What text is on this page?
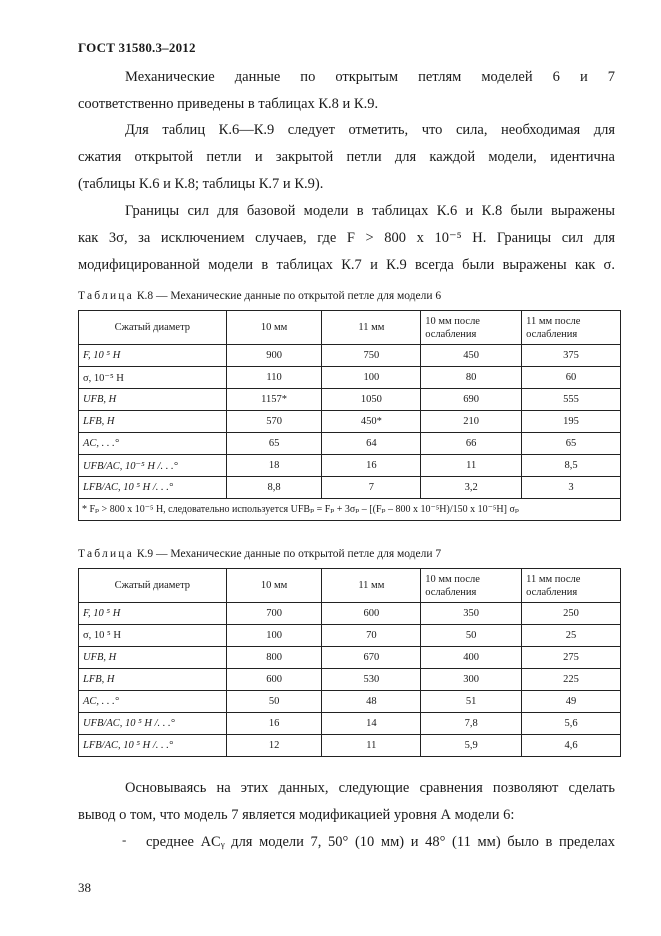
ГОСТ 31580.3–2012
Механические данные по открытым петлям моделей 6 и 7
соответственно приведены в таблицах К.8 и К.9.
Для таблиц К.6—К.9 следует отметить, что сила, необходимая для
сжатия открытой петли и закрытой петли для каждой модели, идентична
(таблицы К.6 и К.8; таблицы К.7 и К.9).
Границы сил для базовой модели в таблицах К.6 и К.8 были выражены
как 3σ, за исключением случаев, где F > 800 x 10⁻⁵ Н. Границы сил для
модифицированной модели в таблицах К.7 и К.9 всегда были выражены как σ.
Таблица К.8 — Механические данные по открытой петле для модели 6
Сжатый диаметр	10 мм	11 мм	10 мм после ослабления	11 мм после ослабления
F, 10 ⁵ Н	900	750	450	375
σ, 10⁻⁵ Н	110	100	80	60
UFB, Н	1157*	1050	690	555
LFB, Н	570	450*	210	195
AC, . . .°	65	64	66	65
UFB/AC, 10⁻⁵ Н /. . .°	18	16	11	8,5
LFB/AC, 10 ⁵ Н /. . .°	8,8	7	3,2	3
* Fₚ > 800 x 10⁻⁵ Н, следовательно используется UFBₚ = Fₚ + 3σₚ – [(Fₚ – 800 x 10⁻⁵Н)/150 x 10⁻⁵Н] σₚ				
Таблица К.9 — Механические данные по открытой петле для модели 7
Сжатый диаметр	10 мм	11 мм	10 мм после ослабления	11 мм после ослабления
F, 10 ⁵ Н	700	600	350	250
σ, 10 ⁵ Н	100	70	50	25
UFB, Н	800	670	400	275
LFB, Н	600	530	300	225
AC, . . .°	50	48	51	49
UFB/AC, 10 ⁵ Н /. . .°	16	14	7,8	5,6
LFB/AC, 10 ⁵ Н /. . .°	12	11	5,9	4,6
Основываясь на этих данных, следующие сравнения позволяют сделать
вывод о том, что модель 7 является модификацией уровня А модели 6:
- среднее ACᵧ для модели 7, 50° (10 мм) и 48° (11 мм) было в пределах
38
